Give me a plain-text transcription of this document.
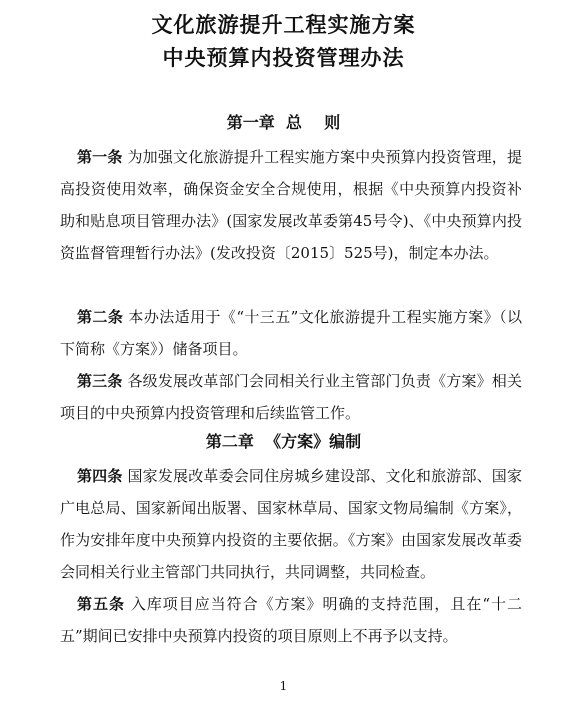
文化旅游提升工程实施方案
中央预算内投资管理办法
第一章  总    则
第一条 为加强文化旅游提升工程实施方案中央预算内投资管理，提高投资使用效率，确保资金安全合规使用，根据《中央预算内投资补助和贴息项目管理办法》(国家发展改革委第45号令)、《中央预算内投资监督管理暂行办法》(发改投资〔2015〕525号)，制定本办法。
第二条 本办法适用于《“十三五”文化旅游提升工程实施方案》（以下简称《方案》）储备项目。
第三条 各级发展改革部门会同相关行业主管部门负责《方案》相关项目的中央预算内投资管理和后续监管工作。
第二章  《方案》编制
第四条 国家发展改革委会同住房城乡建设部、文化和旅游部、国家广电总局、国家新闻出版署、国家林草局、国家文物局编制《方案》，作为安排年度中央预算内投资的主要依据。《方案》由国家发展改革委会同相关行业主管部门共同执行，共同调整，共同检查。
第五条 入库项目应当符合《方案》明确的支持范围，且在“十二五”期间已安排中央预算内投资的项目原则上不再予以支持。
1
